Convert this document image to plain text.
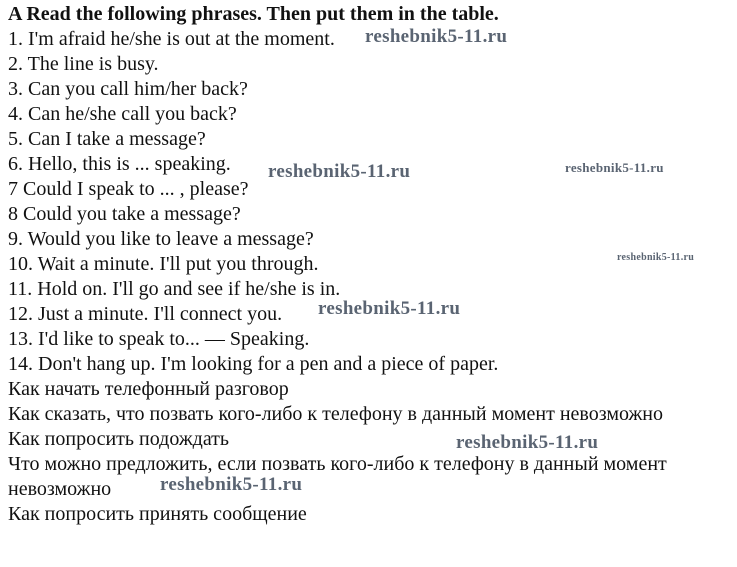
A Read the following phrases. Then put them in the table.
1. I'm afraid he/she is out at the moment.
2. The line is busy.
3. Can you call him/her back?
4. Can he/she call you back?
5. Can I take a message?
6. Hello, this is ... speaking.
7 Could I speak to ... , please?
8 Could you take a message?
9. Would you like to leave a message?
10. Wait a minute. I'll put you through.
11. Hold on. I'll go and see if he/she is in.
12. Just a minute. I'll connect you.
13. I'd like to speak to... — Speaking.
14. Don't hang up. I'm looking for a pen and a piece of paper.
Как начать телефонный разговор
Как сказать, что позвать кого-либо к телефону в данный момент невозможно
Как попросить подождать
Что можно предложить, если позвать кого-либо к телефону в данный момент
невозможно
Как попросить принять сообщение
reshebnik5-11.ru
reshebnik5-11.ru	reshebnik5-11.ru
reshebnik5-11.ru
reshebnik5-11.ru
reshebnik5-11.ru
reshebnik5-11.ru
